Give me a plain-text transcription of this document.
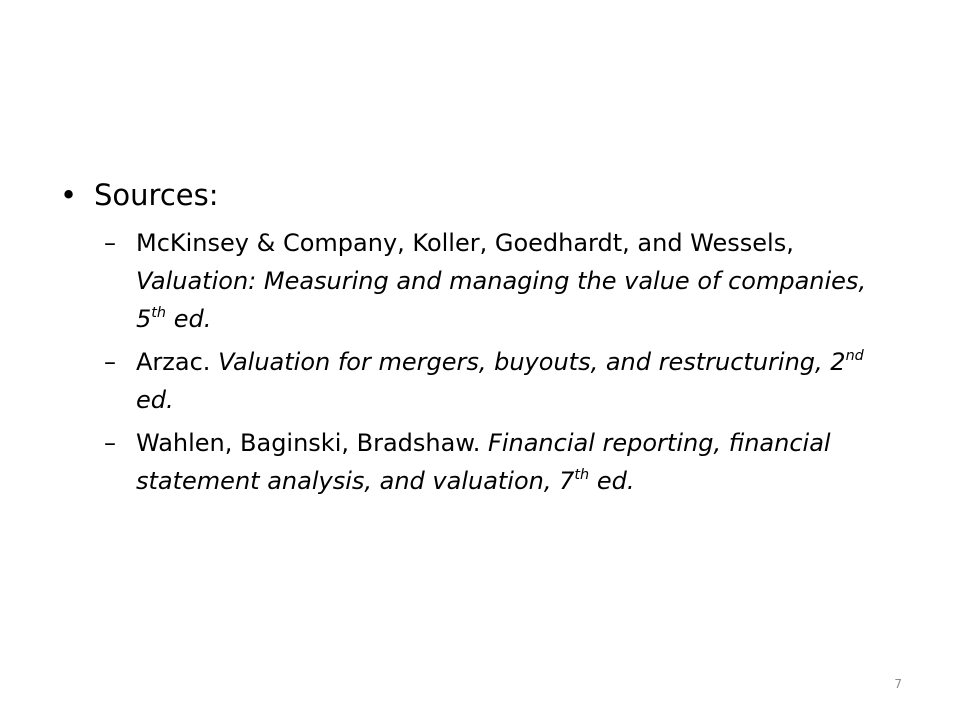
• Sources:
– McKinsey & Company, Koller, Goedhardt, and Wessels, Valuation: Measuring and managing the value of companies, 5th ed.
– Arzac. Valuation for mergers, buyouts, and restructuring, 2nd ed.
– Wahlen, Baginski, Bradshaw. Financial reporting, financial statement analysis, and valuation, 7th ed.
7
